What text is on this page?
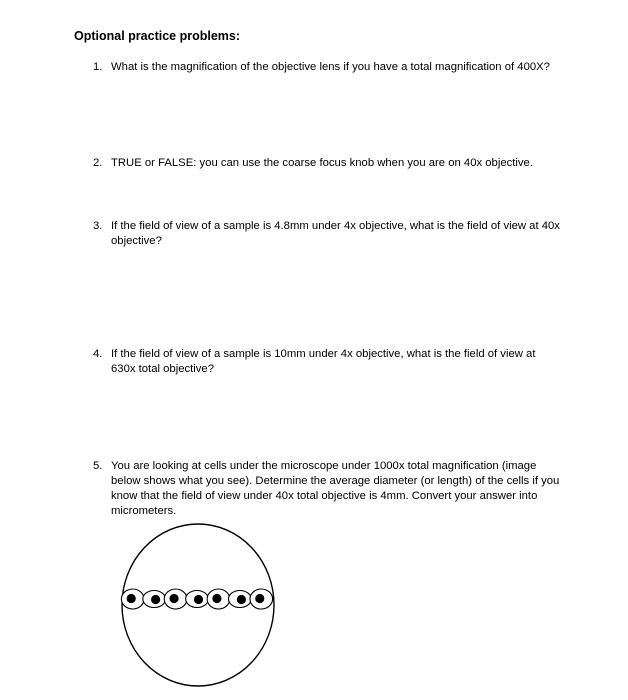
Optional practice problems:
1. What is the magnification of the objective lens if you have a total magnification of 400X?
2. TRUE or FALSE: you can use the coarse focus knob when you are on 40x objective.
3. If the field of view of a sample is 4.8mm under 4x objective, what is the field of view at 40x objective?
4. If the field of view of a sample is 10mm under 4x objective, what is the field of view at 630x total objective?
5. You are looking at cells under the microscope under 1000x total magnification (image below shows what you see). Determine the average diameter (or length) of the cells if you know that the field of view under 40x total objective is 4mm. Convert your answer into micrometers.
